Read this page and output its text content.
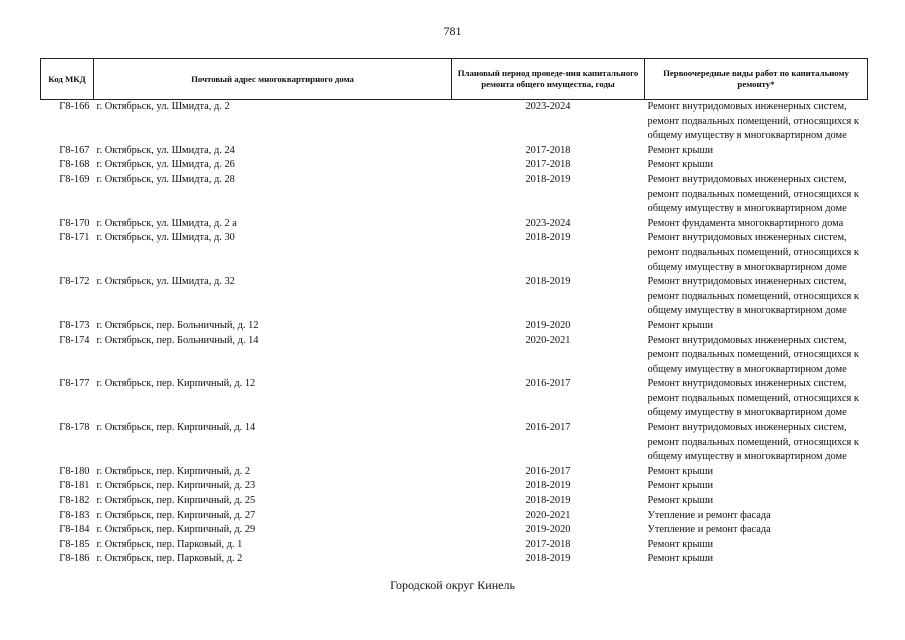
781
Код МКД	Почтовый адрес многоквартирного дома	Плановый период проведе-ния капитального ремонта общего имущества, годы	Первоочередные виды работ по капитальному ремонту*
Г8-166	г. Октябрьск, ул. Шмидта, д. 2	2023-2024	Ремонт внутридомовых инженерных систем, ремонт подвальных помещений, относящихся к общему имуществу в многоквартирном доме
Г8-167	г. Октябрьск, ул. Шмидта, д. 24	2017-2018	Ремонт крыши
Г8-168	г. Октябрьск, ул. Шмидта, д. 26	2017-2018	Ремонт крыши
Г8-169	г. Октябрьск, ул. Шмидта, д. 28	2018-2019	Ремонт внутридомовых инженерных систем, ремонт подвальных помещений, относящихся к общему имуществу в многоквартирном доме
Г8-170	г. Октябрьск, ул. Шмидта, д. 2 а	2023-2024	Ремонт фундамента многоквартирного дома
Г8-171	г. Октябрьск, ул. Шмидта, д. 30	2018-2019	Ремонт внутридомовых инженерных систем, ремонт подвальных помещений, относящихся к общему имуществу в многоквартирном доме
Г8-172	г. Октябрьск, ул. Шмидта, д. 32	2018-2019	Ремонт внутридомовых инженерных систем, ремонт подвальных помещений, относящихся к общему имуществу в многоквартирном доме
Г8-173	г. Октябрьск, пер. Больничный, д. 12	2019-2020	Ремонт крыши
Г8-174	г. Октябрьск, пер. Больничный, д. 14	2020-2021	Ремонт внутридомовых инженерных систем, ремонт подвальных помещений, относящихся к общему имуществу в многоквартирном доме
Г8-177	г. Октябрьск, пер. Кирпичный, д. 12	2016-2017	Ремонт внутридомовых инженерных систем, ремонт подвальных помещений, относящихся к общему имуществу в многоквартирном доме
Г8-178	г. Октябрьск, пер. Кирпичный, д. 14	2016-2017	Ремонт внутридомовых инженерных систем, ремонт подвальных помещений, относящихся к общему имуществу в многоквартирном доме
Г8-180	г. Октябрьск, пер. Кирпичный, д. 2	2016-2017	Ремонт крыши
Г8-181	г. Октябрьск, пер. Кирпичный, д. 23	2018-2019	Ремонт крыши
Г8-182	г. Октябрьск, пер. Кирпичный, д. 25	2018-2019	Ремонт крыши
Г8-183	г. Октябрьск, пер. Кирпичный, д. 27	2020-2021	Утепление и ремонт фасада
Г8-184	г. Октябрьск, пер. Кирпичный, д. 29	2019-2020	Утепление и ремонт фасада
Г8-185	г. Октябрьск, пер. Парковый, д. 1	2017-2018	Ремонт крыши
Г8-186	г. Октябрьск, пер. Парковый, д. 2	2018-2019	Ремонт крыши
Городской округ Кинель
